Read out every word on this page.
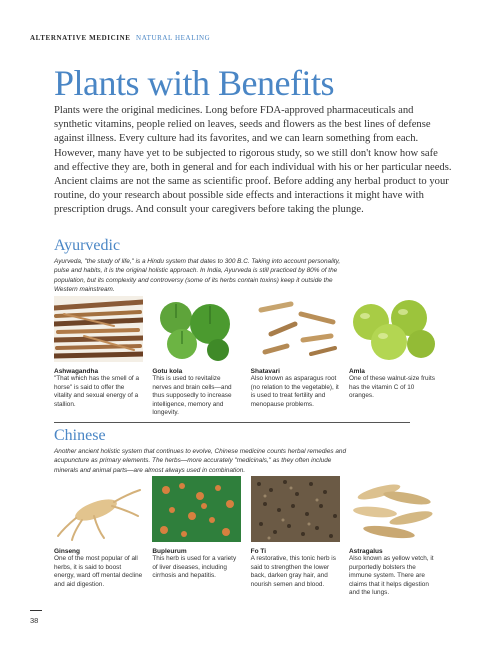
ALTERNATIVE MEDICINE NATURAL HEALING
Plants with Benefits

Plants were the original medicines. Long before FDA-approved pharmaceuticals and synthetic vitamins, people relied on leaves, seeds and flowers as the best lines of defense against illness. Every culture had its favorites, and we can learn something from each. However, many have yet to be subjected to rigorous study, so we still don't know how safe and effective they are, both in general and for each individual with his or her particular needs. Ancient claims are not the same as scientific proof. Before adding any herbal product to your routine, do your research about possible side effects and interactions it might have with prescription drugs. And consult your caregivers before taking the plunge.

Ayurvedic

Ayurveda, "the study of life," is a Hindu system that dates to 300 B.C. Taking into account personality, pulse and habits, it is the original holistic approach. In India, Ayurveda is still practiced by 80% of the population, but its complexity and controversy (some of its herbs contain toxins) keep it outside the Western mainstream.

Ashwagandha
"That which has the smell of a horse" is said to offer the vitality and sexual energy of a stallion.
Gotu kola
This is used to revitalize nerves and brain cells—and thus supposedly to increase intelligence, memory and longevity.
Shatavari
Also known as asparagus root (no relation to the vegetable), it is used to treat fertility and menopause problems.
Amla
One of these walnut-size fruits has the vitamin C of 10 oranges.
Chinese

Another ancient holistic system that continues to evolve, Chinese medicine counts herbal remedies and acupuncture as primary elements. The herbs—more accurately "medicinals," as they often include minerals and animal parts—are almost always used in combination.

Ginseng
One of the most popular of all herbs, it is said to boost energy, ward off mental decline and aid digestion.
Bupleurum
This herb is used for a variety of liver diseases, including cirrhosis and hepatitis.
Fo Ti
A restorative, this tonic herb is said to strengthen the lower back, darken gray hair, and nourish semen and blood.
Astragalus
Also known as yellow vetch, it purportedly bolsters the immune system. There are claims that it helps digestion and the lungs.
38
